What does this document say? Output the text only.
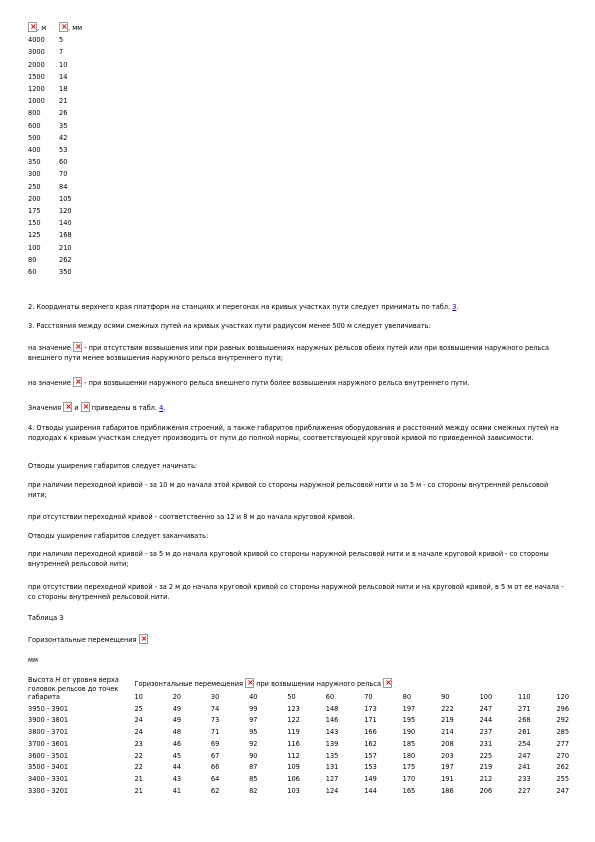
×, м	×, мм
4000	5
3000	7
2000	10
1500	14
1200	18
1000	21
800	26
600	35
500	42
400	53
350	60
300	70
250	84
200	105
175	120
150	140
125	168
100	210
80	262
60	350

2. Координаты верхнего края платформ на станциях и перегонах на кривых участках пути следует принимать по табл. 3.

3. Расстояния между осями смежных путей на кривых участках пути радиусом менее 500 м следует увеличивать:

на значение × - при отсутствии возвышения или при равных возвышениях наружных рельсов обеих путей или при возвышении наружного рельса внешнего пути менее возвышения наружного рельса внутреннего пути;

на значение × - при возвышении наружного рельса внешнего пути более возвышения наружного рельса внутреннего пути.

Значения × и × приведены в табл. 4.

4. Отводы уширения габаритов приближения строений, а также габаритов приближения оборудования и расстояний между осями смежных путей на подходах к кривым участкам следует производить от пути до полной нормы, соответствующей круговой кривой по приведенной зависимости.

Отводы уширения габаритов следует начинать:

при наличии переходной кривой - за 10 м до начала этой кривой со стороны наружной рельсовой нити и за 5 м - со стороны внутренней рельсовой нити;

при отсутствии переходной кривой - соответственно за 12 и 8 м до начала круговой кривой.

Отводы уширения габаритов следует заканчивать:

при наличии переходной кривой - за 5 м до начала круговой кривой со стороны наружной рельсовой нити и в начале круговой кривой - со стороны внутренней рельсовой нити;

при отсутствии переходной кривой - за 2 м до начала круговой кривой со стороны наружной рельсовой нити и на круговой кривой, в 5 м от ее начала - со стороны внутренней рельсовой нити.

Таблица 3

Горизонтальные перемещения ×

мм

Высота H от уровня верха
головок рельсов до точек
габарита	Горизонтальные перемещения × при возвышении наружного рельса ×
	10	20	30	40	50	60	70	80	90	100	110	120
3950 - 3901	25	49	74	99	123	148	173	197	222	247	271	296
3900 - 3801	24	49	73	97	122	146	171	195	219	244	268	292
3800 - 3701	24	48	71	95	119	143	166	190	214	237	261	285
3700 - 3601	23	46	69	92	116	139	162	185	208	231	254	277
3600 - 3501	22	45	67	90	112	135	157	180	203	225	247	270
3500 - 3401	22	44	66	87	109	131	153	175	197	219	241	262
3400 - 3301	21	43	64	85	106	127	149	170	191	212	233	255
3300 - 3201	21	41	62	82	103	124	144	165	186	206	227	247
